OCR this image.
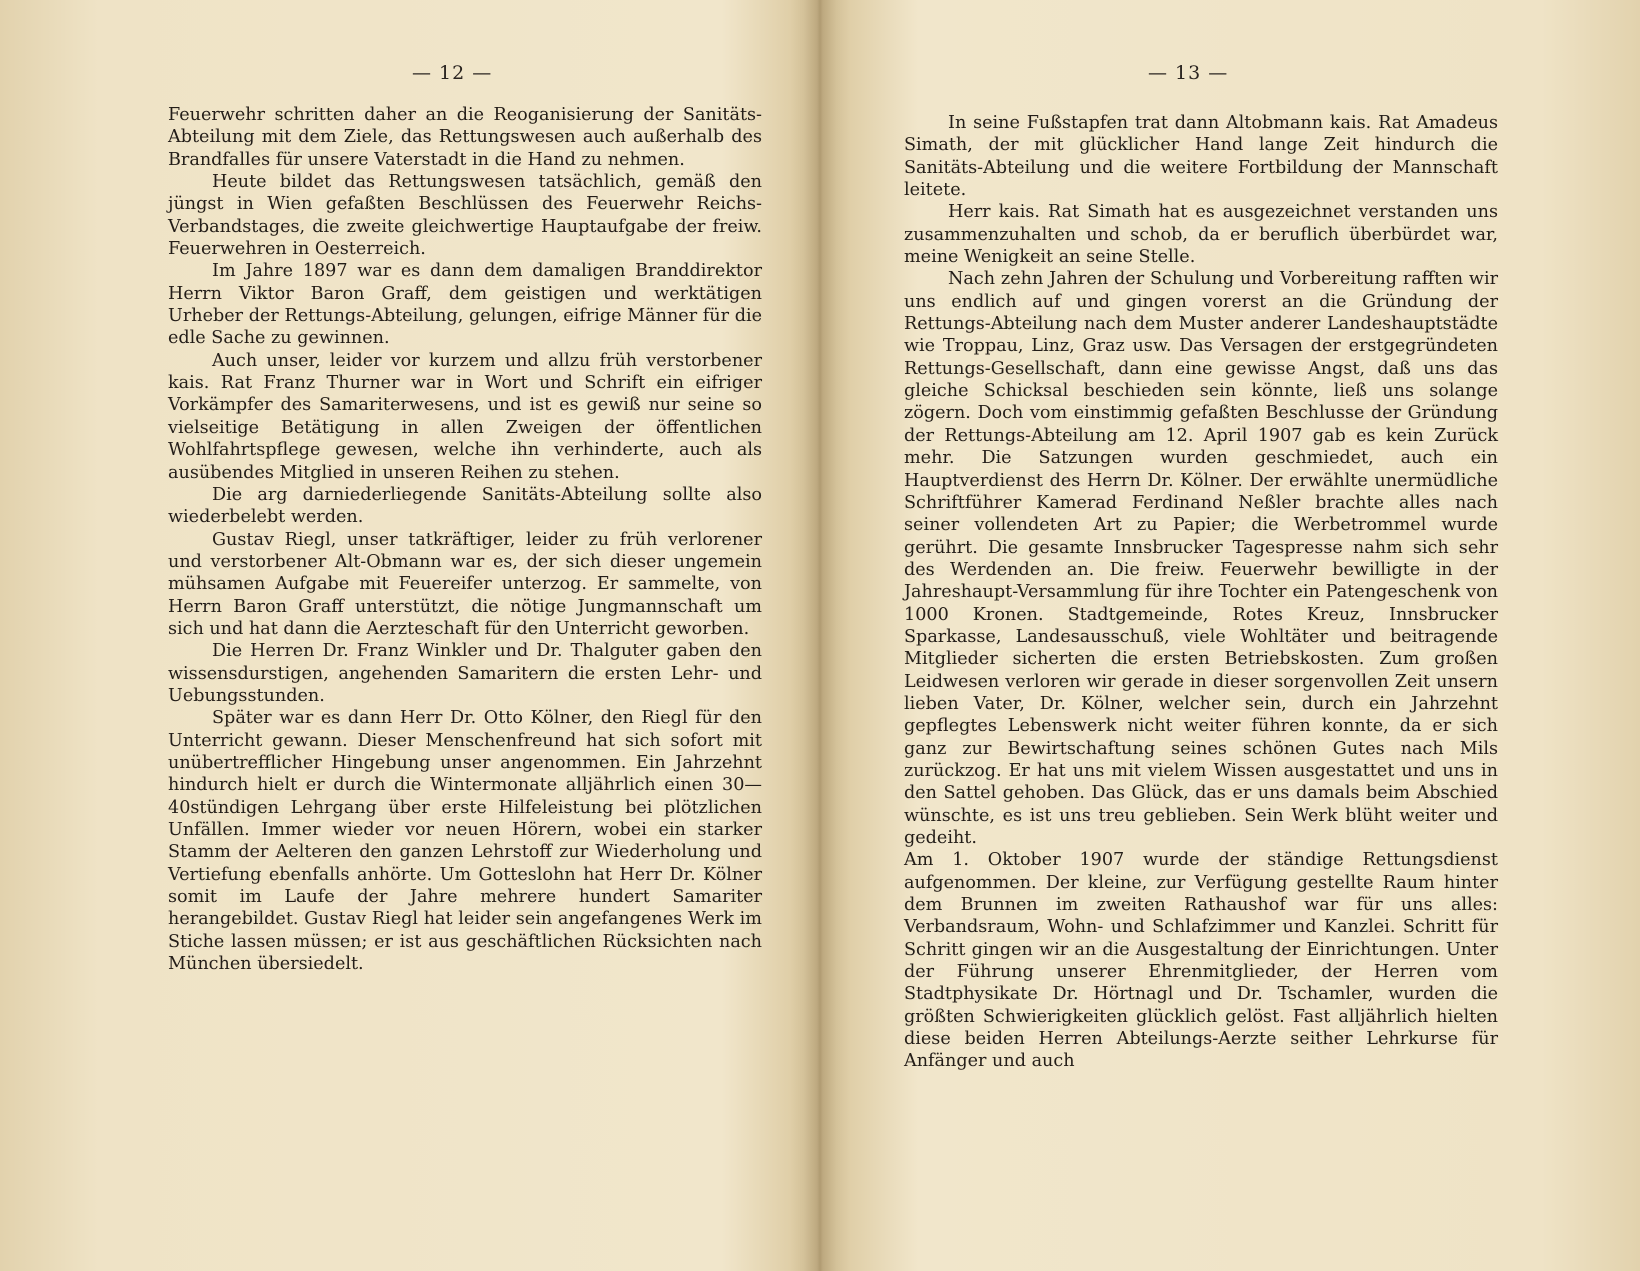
— 12 —

Feuerwehr schritten daher an die Reoganisierung der Sanitäts-Abteilung mit dem Ziele, das Rettungswesen auch außerhalb des Brandfalles für unsere Vaterstadt in die Hand zu nehmen.

Heute bildet das Rettungswesen tatsächlich, gemäß den jüngst in Wien gefaßten Beschlüssen des Feuerwehr Reichs-Verbandstages, die zweite gleichwertige Hauptaufgabe der freiw. Feuerwehren in Oesterreich.

Im Jahre 1897 war es dann dem damaligen Branddirektor Herrn Viktor Baron Graff, dem geistigen und werktätigen Urheber der Rettungs-Abteilung, gelungen, eifrige Männer für die edle Sache zu gewinnen.

Auch unser, leider vor kurzem und allzu früh verstorbener kais. Rat Franz Thurner war in Wort und Schrift ein eifriger Vorkämpfer des Samariterwesens, und ist es gewiß nur seine so vielseitige Betätigung in allen Zweigen der öffentlichen Wohlfahrtspflege gewesen, welche ihn verhinderte, auch als ausübendes Mitglied in unseren Reihen zu stehen.

Die arg darniederliegende Sanitäts-Abteilung sollte also wiederbelebt werden.

Gustav Riegl, unser tatkräftiger, leider zu früh verlorener und verstorbener Alt-Obmann war es, der sich dieser ungemein mühsamen Aufgabe mit Feuereifer unterzog. Er sammelte, von Herrn Baron Graff unterstützt, die nötige Jungmannschaft um sich und hat dann die Aerzteschaft für den Unterricht geworben.

Die Herren Dr. Franz Winkler und Dr. Thalguter gaben den wissensdurstigen, angehenden Samaritern die ersten Lehr- und Uebungsstunden.

Später war es dann Herr Dr. Otto Kölner, den Riegl für den Unterricht gewann. Dieser Menschenfreund hat sich sofort mit unübertrefflicher Hingebung unser angenommen. Ein Jahrzehnt hindurch hielt er durch die Wintermonate alljährlich einen 30—40stündigen Lehrgang über erste Hilfeleistung bei plötzlichen Unfällen. Immer wieder vor neuen Hörern, wobei ein starker Stamm der Aelteren den ganzen Lehrstoff zur Wiederholung und Vertiefung ebenfalls anhörte. Um Gotteslohn hat Herr Dr. Kölner somit im Laufe der Jahre mehrere hundert Samariter herangebildet. Gustav Riegl hat leider sein angefangenes Werk im Stiche lassen müssen; er ist aus geschäftlichen Rücksichten nach München übersiedelt.

— 13 —

In seine Fußstapfen trat dann Altobmann kais. Rat Amadeus Simath, der mit glücklicher Hand lange Zeit hindurch die Sanitäts-Abteilung und die weitere Fortbildung der Mannschaft leitete.

Herr kais. Rat Simath hat es ausgezeichnet verstanden uns zusammenzuhalten und schob, da er beruflich überbürdet war, meine Wenigkeit an seine Stelle.

Nach zehn Jahren der Schulung und Vorbereitung rafften wir uns endlich auf und gingen vorerst an die Gründung der Rettungs-Abteilung nach dem Muster anderer Landeshauptstädte wie Troppau, Linz, Graz usw. Das Versagen der erstgegründeten Rettungs-Gesellschaft, dann eine gewisse Angst, daß uns das gleiche Schicksal beschieden sein könnte, ließ uns solange zögern. Doch vom einstimmig gefaßten Beschlusse der Gründung der Rettungs-Abteilung am 12. April 1907 gab es kein Zurück mehr. Die Satzungen wurden geschmiedet, auch ein Hauptverdienst des Herrn Dr. Kölner. Der erwählte unermüdliche Schriftführer Kamerad Ferdinand Neßler brachte alles nach seiner vollendeten Art zu Papier; die Werbetrommel wurde gerührt. Die gesamte Innsbrucker Tagespresse nahm sich sehr des Werdenden an. Die freiw. Feuerwehr bewilligte in der Jahreshaupt-Versammlung für ihre Tochter ein Patengeschenk von 1000 Kronen. Stadtgemeinde, Rotes Kreuz, Innsbrucker Sparkasse, Landesausschuß, viele Wohltäter und beitragende Mitglieder sicherten die ersten Betriebskosten. Zum großen Leidwesen verloren wir gerade in dieser sorgenvollen Zeit unsern lieben Vater, Dr. Kölner, welcher sein, durch ein Jahrzehnt gepflegtes Lebenswerk nicht weiter führen konnte, da er sich ganz zur Bewirtschaftung seines schönen Gutes nach Mils zurückzog. Er hat uns mit vielem Wissen ausgestattet und uns in den Sattel gehoben. Das Glück, das er uns damals beim Abschied wünschte, es ist uns treu geblieben. Sein Werk blüht weiter und gedeiht.

Am 1. Oktober 1907 wurde der ständige Rettungsdienst aufgenommen. Der kleine, zur Verfügung gestellte Raum hinter dem Brunnen im zweiten Rathaushof war für uns alles: Verbandsraum, Wohn- und Schlafzimmer und Kanzlei. Schritt für Schritt gingen wir an die Ausgestaltung der Einrichtungen. Unter der Führung unserer Ehrenmitglieder, der Herren vom Stadtphysikate Dr. Hörtnagl und Dr. Tschamler, wurden die größten Schwierigkeiten glücklich gelöst. Fast alljährlich hielten diese beiden Herren Abteilungs-Aerzte seither Lehrkurse für Anfänger und auch
